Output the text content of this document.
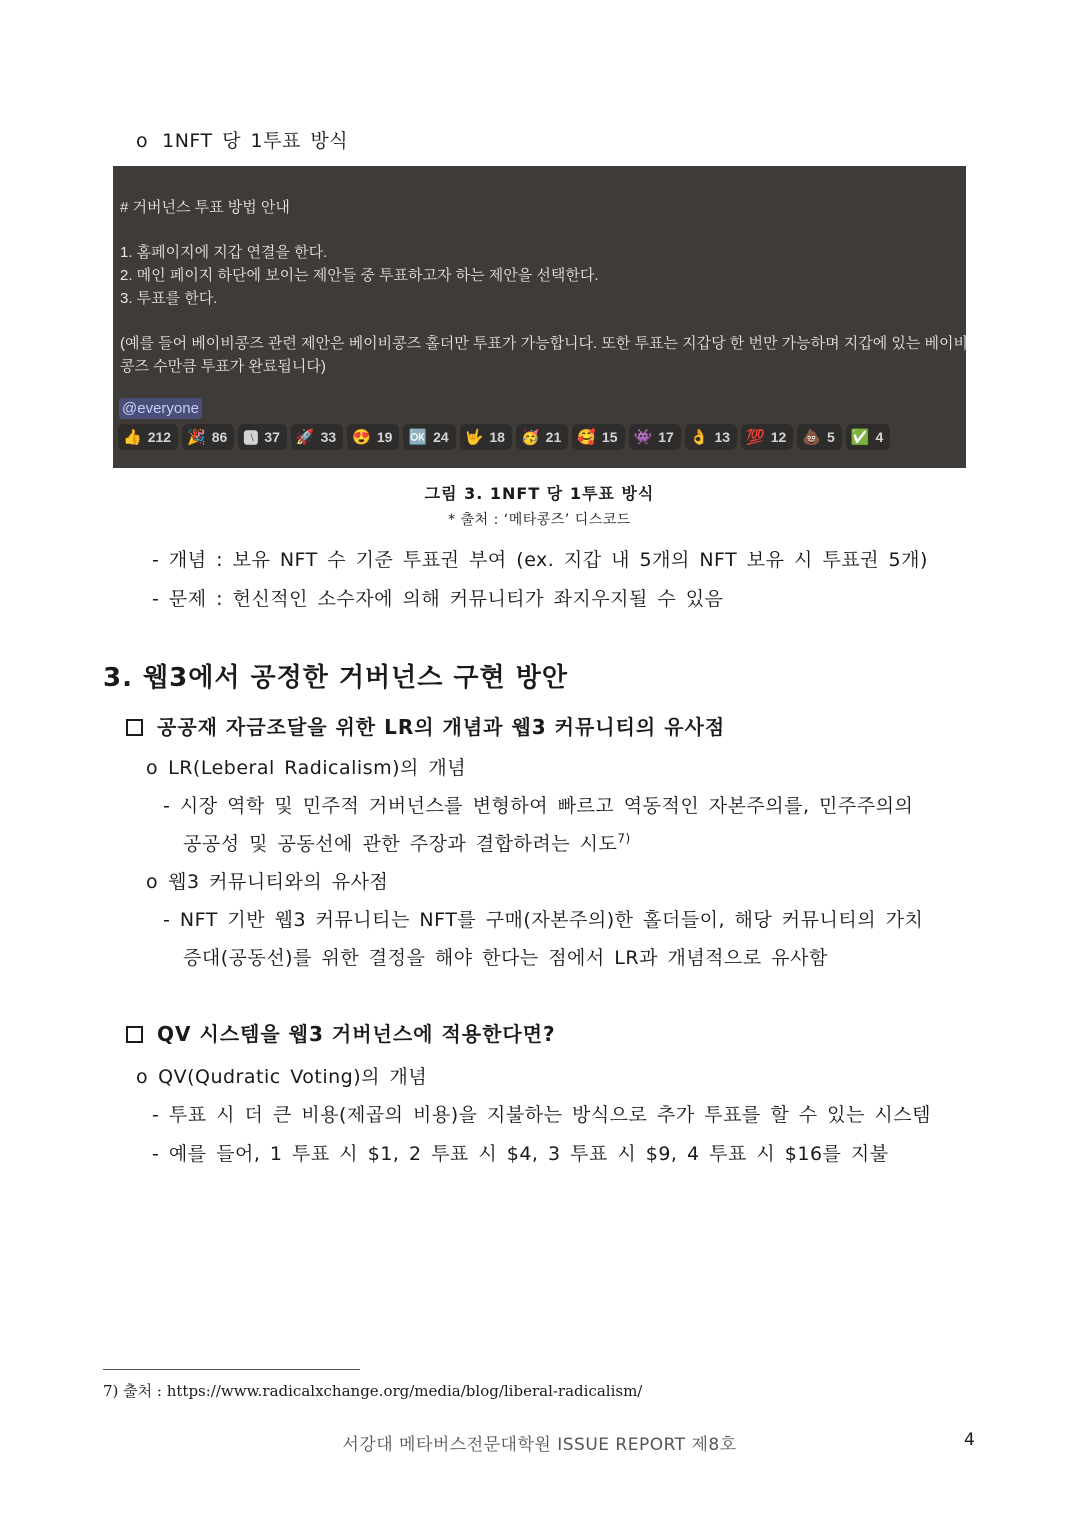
o 1NFT 당 1투표 방식
# 거버넌스 투표 방법 안내
1. 홈페이지에 지갑 연결을 한다.
2. 메인 페이지 하단에 보이는 제안들 중 투표하고자 하는 제안을 선택한다.
3. 투표를 한다.
(예를 들어 베이비콩즈 관련 제안은 베이비콩즈 홀더만 투표가 가능합니다. 또한 투표는 지갑당 한 번만 가능하며 지갑에 있는 베이비
콩즈 수만큼 투표가 완료됩니다)
@everyone
👍 212 🎉 86 🅰 37 🚀 33 😍 19 🆗 24 🤟 18 🥳 21 🥰 15 👾 17 👌 13 💯 12 💩 5 ✅ 4
그림 3. 1NFT 당 1투표 방식
* 출처 : ‘메타콩즈’ 디스코드
- 개념 : 보유 NFT 수 기준 투표권 부여 (ex. 지갑 내 5개의 NFT 보유 시 투표권 5개)
- 문제 : 헌신적인 소수자에 의해 커뮤니티가 좌지우지될 수 있음
3. 웹3에서 공정한 거버넌스 구현 방안
공공재 자금조달을 위한 LR의 개념과 웹3 커뮤니티의 유사점
o LR(Leberal Radicalism)의 개념
- 시장 역학 및 민주적 거버넌스를 변형하여 빠르고 역동적인 자본주의를, 민주주의의
공공성 및 공동선에 관한 주장과 결합하려는 시도$^{7)}$
o 웹3 커뮤니티와의 유사점
- NFT 기반 웹3 커뮤니티는 NFT를 구매(자본주의)한 홀더들이, 해당 커뮤니티의 가치
증대(공동선)를 위한 결정을 해야 한다는 점에서 LR과 개념적으로 유사함
QV 시스템을 웹3 거버넌스에 적용한다면?
o QV(Qudratic Voting)의 개념
- 투표 시 더 큰 비용(제곱의 비용)을 지불하는 방식으로 추가 투표를 할 수 있는 시스템
- 예를 들어, 1 투표 시 $1, 2 투표 시 $4, 3 투표 시 $9, 4 투표 시 $16를 지불
7) 출처 : https://www.radicalxchange.org/media/blog/liberal-radicalism/
서강대 메타버스전문대학원 ISSUE REPORT 제8호	4
